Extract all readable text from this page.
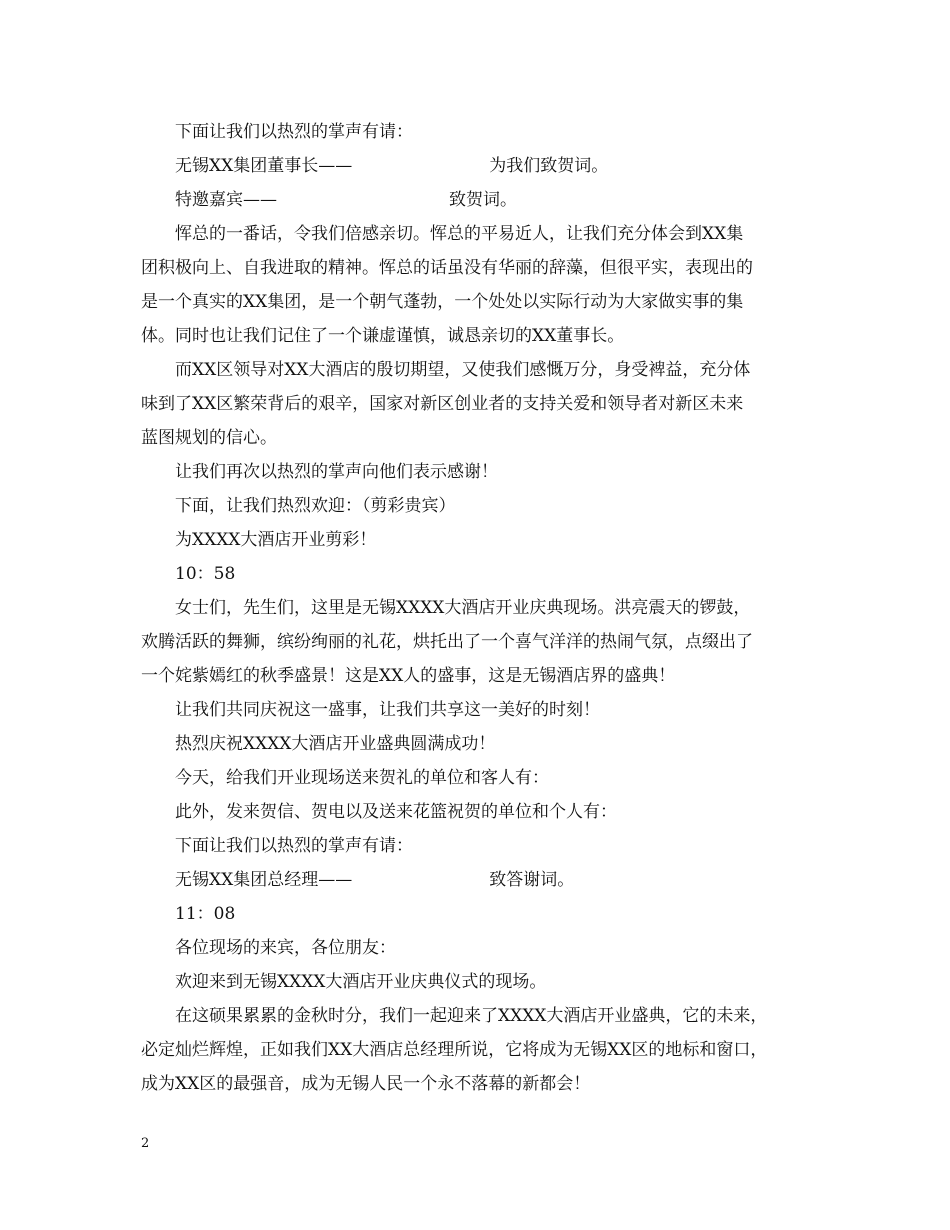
下面让我们以热烈的掌声有请：
无锡XX集团董事长——	为我们致贺词。
特邀嘉宾——	致贺词。
恽总的一番话，令我们倍感亲切。恽总的平易近人，让我们充分体会到XX集
团积极向上、自我进取的精神。恽总的话虽没有华丽的辞藻，但很平实，表现出的
是一个真实的XX集团，是一个朝气蓬勃，一个处处以实际行动为大家做实事的集
体。同时也让我们记住了一个谦虚谨慎，诚恳亲切的XX董事长。
而XX区领导对XX大酒店的殷切期望，又使我们感慨万分，身受裨益，充分体
味到了XX区繁荣背后的艰辛，国家对新区创业者的支持关爱和领导者对新区未来
蓝图规划的信心。
让我们再次以热烈的掌声向他们表示感谢！
下面，让我们热烈欢迎：（剪彩贵宾）
为XXXX大酒店开业剪彩！
10：58
女士们，先生们，这里是无锡XXXX大酒店开业庆典现场。洪亮震天的锣鼓，
欢腾活跃的舞狮，缤纷绚丽的礼花，烘托出了一个喜气洋洋的热闹气氛，点缀出了
一个姹紫嫣红的秋季盛景！这是XX人的盛事，这是无锡酒店界的盛典！
让我们共同庆祝这一盛事，让我们共享这一美好的时刻！
热烈庆祝XXXX大酒店开业盛典圆满成功！
今天，给我们开业现场送来贺礼的单位和客人有：
此外，发来贺信、贺电以及送来花篮祝贺的单位和个人有：
下面让我们以热烈的掌声有请：
无锡XX集团总经理——	致答谢词。
11：08
各位现场的来宾，各位朋友：
欢迎来到无锡XXXX大酒店开业庆典仪式的现场。
在这硕果累累的金秋时分，我们一起迎来了XXXX大酒店开业盛典，它的未来，
必定灿烂辉煌，正如我们XX大酒店总经理所说，它将成为无锡XX区的地标和窗口，
成为XX区的最强音，成为无锡人民一个永不落幕的新都会！
2
